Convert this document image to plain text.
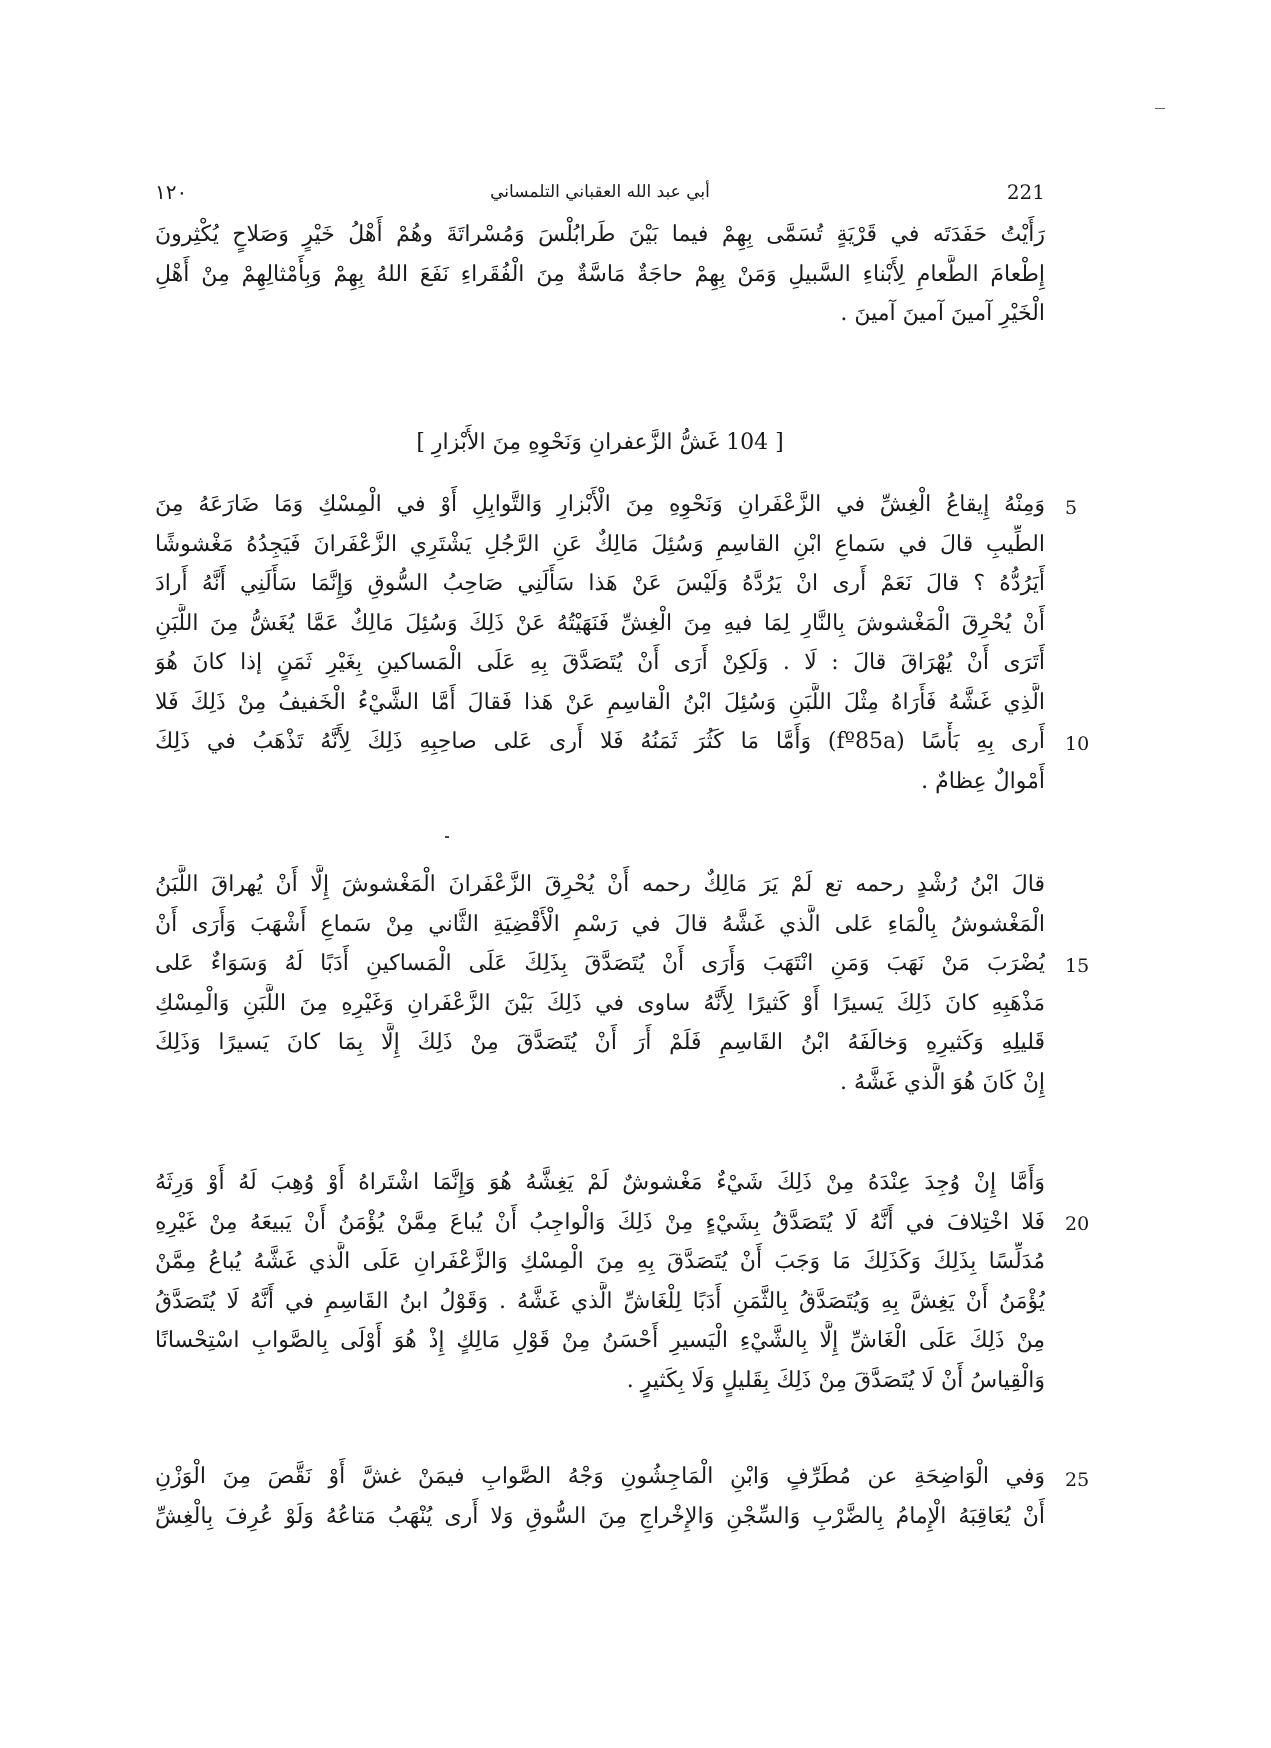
١٢٠	أبي عبد الله العقباني التلمساني	221
رَأَيْتُ حَفَدَتَه في قَرْيَةٍ تُسَمَّى بِهِمْ فيما بَيْنَ طَرابُلْسَ وَمُسْراتَةَ وهُمْ أَهْلُ خَيْرٍ وَصَلاحٍ يُكْثِرونَ
إِطْعامَ الطَّعامِ لِأَبْناءِ السَّبيلِ وَمَنْ بِهِمْ حاجَةٌ مَاسَّةٌ مِنَ الْفُقَراءِ نَفَعَ اللهُ بِهِمْ وَبِأَمْثالِهِمْ مِنْ أَهْلِ
الْخَيْرِ آمينَ آمينَ آمينَ .
[ 104 غَشُّ الزَّعفرانِ وَنَحْوِهِ مِنَ الأَبْزارِ ]
وَمِنْهُ إِيقاعُ الْغِشِّ في الزَّعْفَرانِ وَنَحْوِهِ مِنَ الْأَبْزارِ وَالتَّوابِلِ أَوْ في الْمِسْكِ وَمَا ضَارَعَهُ مِنَ
الطِّيبِ قالَ في سَماعِ ابْنِ القاسِمِ وَسُئِلَ مَالِكٌ عَنِ الرَّجُلِ يَشْتَرِي الزَّعْفَرانَ فَيَجِدُهُ مَغْشوشًا
أَيَرُدُّهُ ؟ قالَ نَعَمْ أَرى انْ يَرُدَّهُ وَلَيْسَ عَنْ هَذا سَأَلَنِي صَاحِبُ السُّوقِ وَإِنَّمَا سَأَلَنِي أَنَّهُ أَرادَ
أَنْ يُحْرِقَ الْمَغْشوشَ بِالنَّارِ لِمَا فيهِ مِنَ الْغِشِّ فَنَهَيْتُهُ عَنْ ذَلِكَ وَسُئِلَ مَالِكٌ عَمَّا يُغَشُّ مِنَ اللَّبَنِ
أَتَرَى أَنْ يُهْرَاقَ قالَ : لَا . وَلَكِنْ أَرَى أَنْ يُتَصَدَّقَ بِهِ عَلَى الْمَساكينِ بِغَيْرِ ثَمَنٍ إذا كانَ هُوَ
الَّذِي غَشَّهُ فَأَرَاهُ مِثْلَ اللَّبَنِ وَسُئِلَ ابْنُ الْقاسِمِ عَنْ هَذا فَقالَ أَمَّا الشَّيْءُ الْخَفيفُ مِنْ ذَلِكَ فَلا
أَرى بِهِ بَأْسًا (fº85a) وَأَمَّا مَا كَثُرَ ثَمَنُهُ فَلا أَرى عَلى صاحِبِهِ ذَلِكَ لِأَنَّهُ تَذْهَبُ في ذَلِكَ
أَمْوالٌ عِظامٌ .
قالَ ابْنُ رُشْدٍ رحمه تع لَمْ يَرَ مَالِكٌ رحمه أَنْ يُحْرِقَ الزَّعْفَرانَ الْمَغْشوشَ إِلَّا أَنْ يُهراقَ اللَّبَنُ
الْمَغْشوشُ بِالْمَاءِ عَلى الَّذي غَشَّهُ قالَ في رَسْمِ الْأَقْضِيَةِ الثَّاني مِنْ سَماعِ أَشْهَبَ وَأَرَى أَنْ
يُضْرَبَ مَنْ نَهَبَ وَمَنِ انْتَهَبَ وَأَرَى أَنْ يُتَصَدَّقَ بِذَلِكَ عَلَى الْمَساكينِ أَدَبًا لَهُ وَسَوَاءٌ عَلى
مَذْهَبِهِ كانَ ذَلِكَ يَسيرًا أَوْ كَثيرًا لِأَنَّهُ ساوى في ذَلِكَ بَيْنَ الزَّعْفَرانِ وَغَيْرِهِ مِنَ اللَّبَنِ وَالْمِسْكِ
قَليلِهِ وَكَثيرِهِ وَخالَفَهُ ابْنُ القَاسِمِ فَلَمْ أَرَ أَنْ يُتَصَدَّقَ مِنْ ذَلِكَ إِلَّا بِمَا كانَ يَسيرًا وَذَلِكَ
إِنْ كَانَ هُوَ الَّذي غَشَّهُ .
وَأَمَّا إِنْ وُجِدَ عِنْدَهُ مِنْ ذَلِكَ شَيْءٌ مَغْشوشٌ لَمْ يَغِشَّهُ هُوَ وَإِنَّمَا اشْتَراهُ أَوْ وُهِبَ لَهُ أَوْ وَرِثَهُ
فَلا اخْتِلافَ في أَنَّهُ لَا يُتَصَدَّقُ بِشَيْءٍ مِنْ ذَلِكَ وَالْواجِبُ أَنْ يُباعَ مِمَّنْ يُؤْمَنُ أَنْ يَبيعَهُ مِنْ غَيْرِهِ
مُدَلِّسًا بِذَلِكَ وَكَذَلِكَ مَا وَجَبَ أَنْ يُتَصَدَّقَ بِهِ مِنَ الْمِسْكِ وَالزَّعْفَرانِ عَلَى الَّذي غَشَّهُ يُباعُ مِمَّنْ
يُؤْمَنُ أَنْ يَغِشَّ بِهِ وَيُتَصَدَّقُ بِالثَّمَنِ أَدَبًا لِلْغَاشِّ الَّذي غَشَّهُ . وَقَوْلُ ابنُ القَاسِمِ في أَنَّهُ لَا يُتَصَدَّقُ
مِنْ ذَلِكَ عَلَى الْغَاشِّ إِلَّا بِالشَّيْءِ الْيَسيرِ أَحْسَنُ مِنْ قَوْلِ مَالِكٍ إِذْ هُوَ أَوْلَى بِالصَّوابِ اسْتِحْسانًا
وَالْقِياسُ أَنْ لَا يُتَصَدَّقَ مِنْ ذَلِكَ بِقَليلٍ وَلَا بِكَثيرٍ .
وَفي الْوَاضِحَةِ عن مُطَرِّفٍ وَابْنِ الْمَاجِشُونِ وَجْهُ الصَّوابِ فيمَنْ غشَّ أَوْ نَقَّصَ مِنَ الْوَزْنِ
أَنْ يُعَاقِبَهُ الْإِمامُ بِالضَّرْبِ وَالسِّجْنِ وَالإِخْراجِ مِنَ السُّوقِ وَلا أَرى يُنْهَبُ مَتاعُهُ وَلَوْ عُرِفَ بِالْغِشِّ
5
10
15
20
25
